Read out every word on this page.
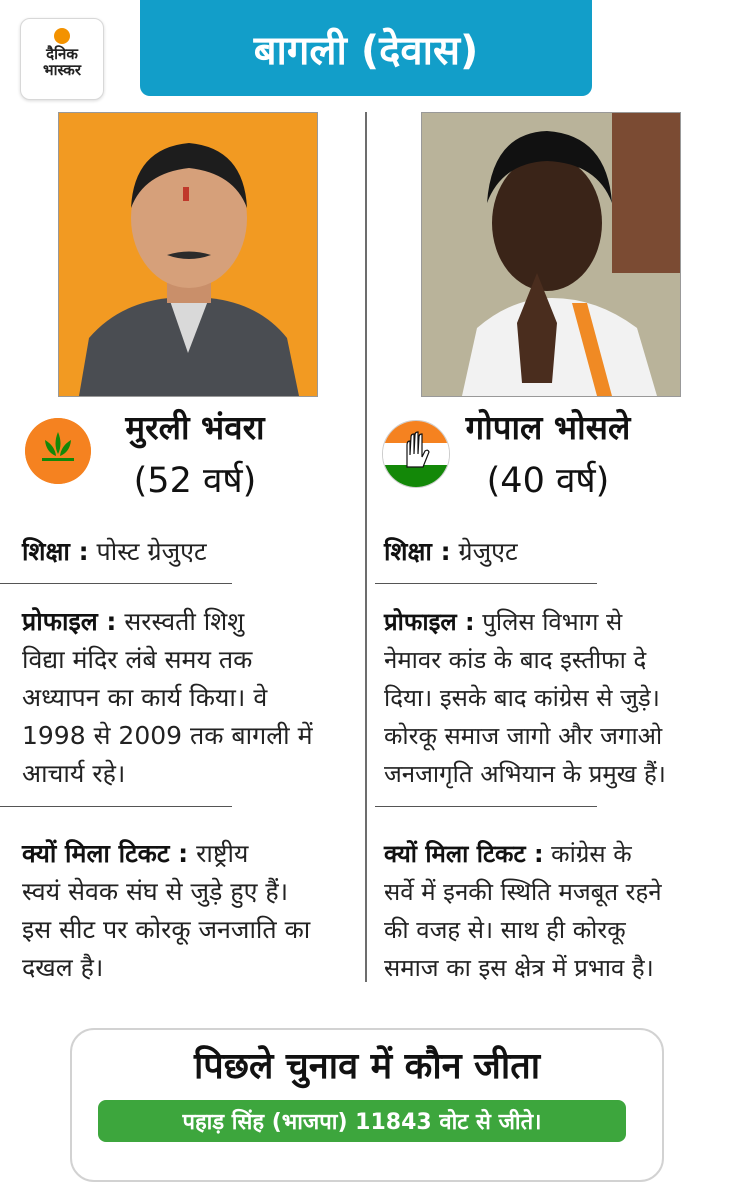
दैनिक
भास्कर	बागली (देवास)
मुरली भंवरा
(52 वर्ष)
गोपाल भोसले
(40 वर्ष)
शिक्षा : पोस्ट ग्रेजुएट
प्रोफाइल : सरस्वती शिशु
विद्या मंदिर लंबे समय तक
अध्यापन का कार्य किया। वे
1998 से 2009 तक बागली में
आचार्य रहे।
क्यों मिला टिकट : राष्ट्रीय
स्वयं सेवक संघ से जुड़े हुए हैं।
इस सीट पर कोरकू जनजाति का
दखल है।
शिक्षा : ग्रेजुएट
प्रोफाइल : पुलिस विभाग से
नेमावर कांड के बाद इस्तीफा दे
दिया। इसके बाद कांग्रेस से जुड़े।
कोरकू समाज जागो और जगाओ
जनजागृति अभियान के प्रमुख हैं।
क्यों मिला टिकट : कांग्रेस के
सर्वे में इनकी स्थिति मजबूत रहने
की वजह से। साथ ही कोरकू
समाज का इस क्षेत्र में प्रभाव है।
पिछले चुनाव में कौन जीता
पहाड़ सिंह (भाजपा) 11843 वोट से जीते।
